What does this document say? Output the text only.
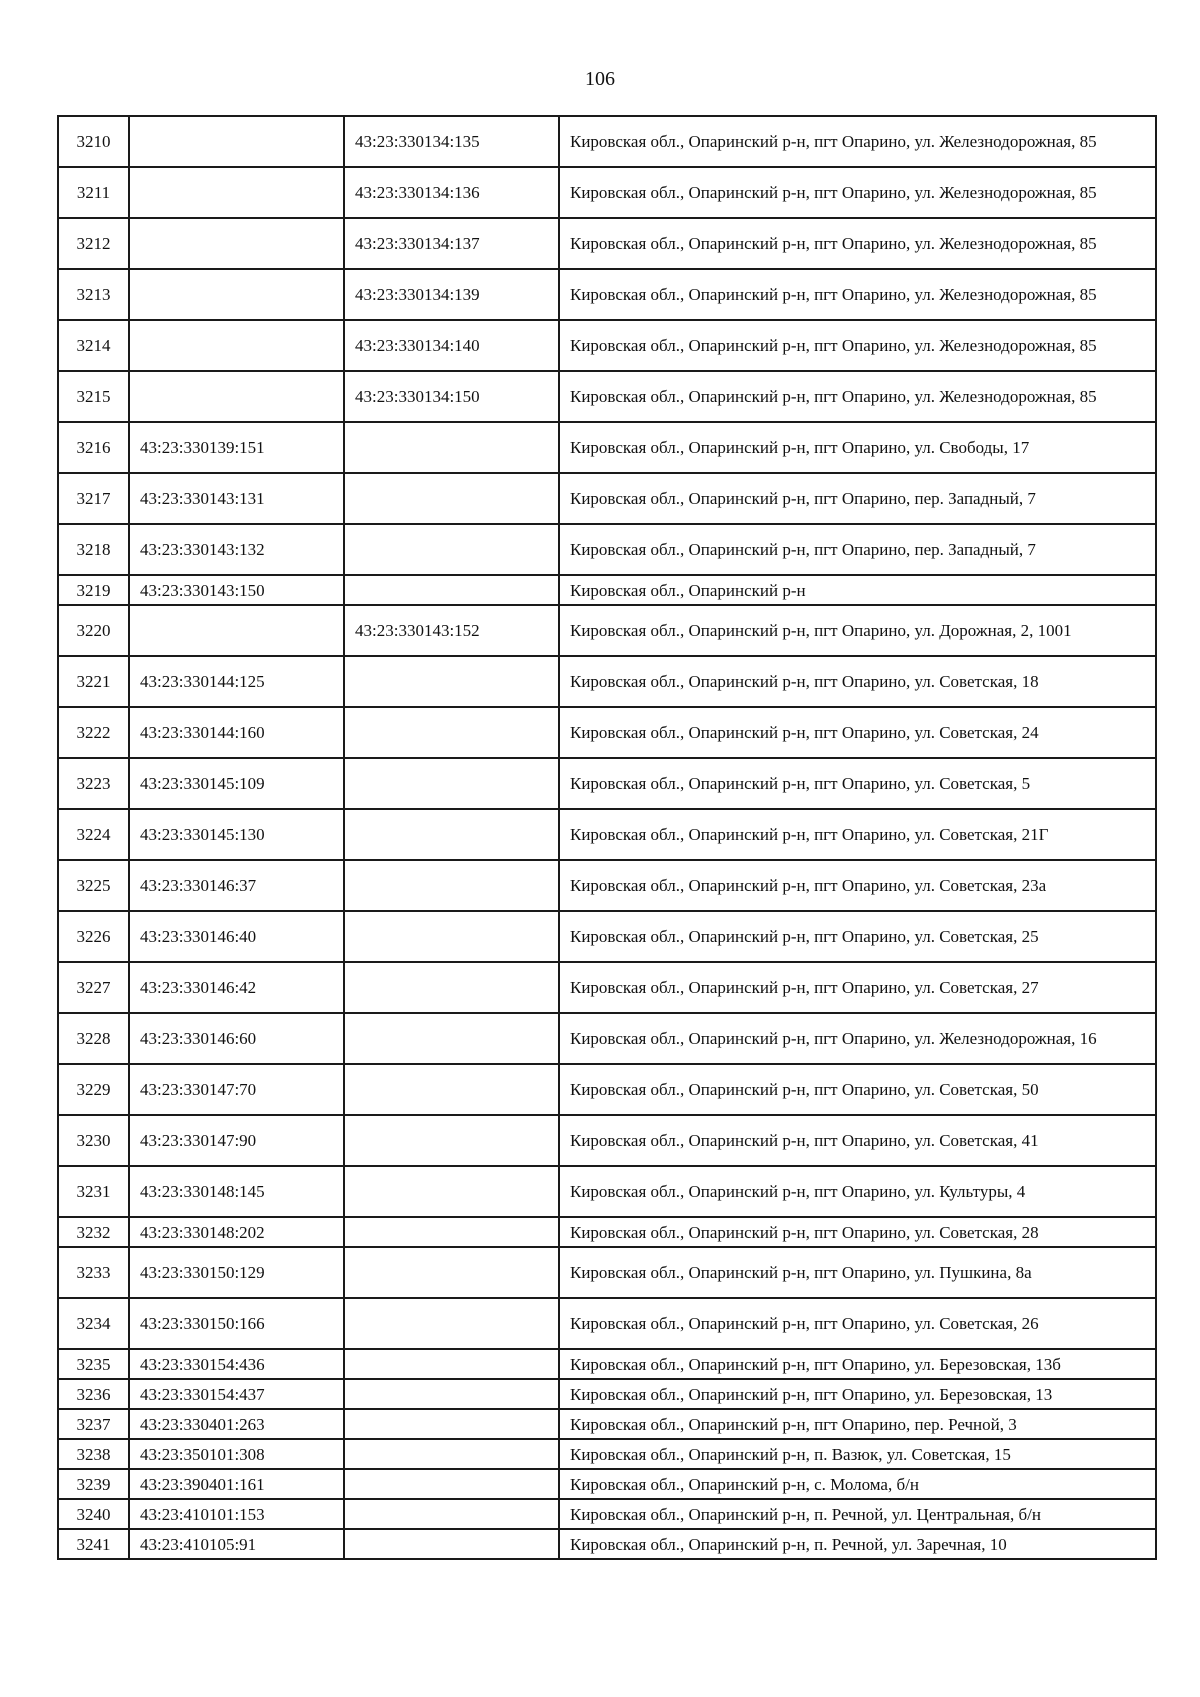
106
3210		43:23:330134:135	Кировская обл., Опаринский р-н, пгт Опарино, ул. Железнодорожная, 85
3211		43:23:330134:136	Кировская обл., Опаринский р-н, пгт Опарино, ул. Железнодорожная, 85
3212		43:23:330134:137	Кировская обл., Опаринский р-н, пгт Опарино, ул. Железнодорожная, 85
3213		43:23:330134:139	Кировская обл., Опаринский р-н, пгт Опарино, ул. Железнодорожная, 85
3214		43:23:330134:140	Кировская обл., Опаринский р-н, пгт Опарино, ул. Железнодорожная, 85
3215		43:23:330134:150	Кировская обл., Опаринский р-н, пгт Опарино, ул. Железнодорожная, 85
3216	43:23:330139:151		Кировская обл., Опаринский р-н, пгт Опарино, ул. Свободы, 17
3217	43:23:330143:131		Кировская обл., Опаринский р-н, пгт Опарино, пер. Западный, 7
3218	43:23:330143:132		Кировская обл., Опаринский р-н, пгт Опарино, пер. Западный, 7
3219	43:23:330143:150		Кировская обл., Опаринский р-н
3220		43:23:330143:152	Кировская обл., Опаринский р-н, пгт Опарино, ул. Дорожная, 2, 1001
3221	43:23:330144:125		Кировская обл., Опаринский р-н, пгт Опарино, ул. Советская, 18
3222	43:23:330144:160		Кировская обл., Опаринский р-н, пгт Опарино, ул. Советская, 24
3223	43:23:330145:109		Кировская обл., Опаринский р-н, пгт Опарино, ул. Советская, 5
3224	43:23:330145:130		Кировская обл., Опаринский р-н, пгт Опарино, ул. Советская, 21Г
3225	43:23:330146:37		Кировская обл., Опаринский р-н, пгт Опарино, ул. Советская, 23а
3226	43:23:330146:40		Кировская обл., Опаринский р-н, пгт Опарино, ул. Советская, 25
3227	43:23:330146:42		Кировская обл., Опаринский р-н, пгт Опарино, ул. Советская, 27
3228	43:23:330146:60		Кировская обл., Опаринский р-н, пгт Опарино, ул. Железнодорожная, 16
3229	43:23:330147:70		Кировская обл., Опаринский р-н, пгт Опарино, ул. Советская, 50
3230	43:23:330147:90		Кировская обл., Опаринский р-н, пгт Опарино, ул. Советская, 41
3231	43:23:330148:145		Кировская обл., Опаринский р-н, пгт Опарино, ул. Культуры, 4
3232	43:23:330148:202		Кировская обл., Опаринский р-н, пгт Опарино, ул. Советская, 28
3233	43:23:330150:129		Кировская обл., Опаринский р-н, пгт Опарино, ул. Пушкина, 8а
3234	43:23:330150:166		Кировская обл., Опаринский р-н, пгт Опарино, ул. Советская, 26
3235	43:23:330154:436		Кировская обл., Опаринский р-н, пгт Опарино, ул. Березовская, 13б
3236	43:23:330154:437		Кировская обл., Опаринский р-н, пгт Опарино, ул. Березовская, 13
3237	43:23:330401:263		Кировская обл., Опаринский р-н, пгт Опарино, пер. Речной, 3
3238	43:23:350101:308		Кировская обл., Опаринский р-н, п. Вазюк, ул. Советская, 15
3239	43:23:390401:161		Кировская обл., Опаринский р-н, с. Молома, б/н
3240	43:23:410101:153		Кировская обл., Опаринский р-н, п. Речной, ул. Центральная, б/н
3241	43:23:410105:91		Кировская обл., Опаринский р-н, п. Речной, ул. Заречная, 10
